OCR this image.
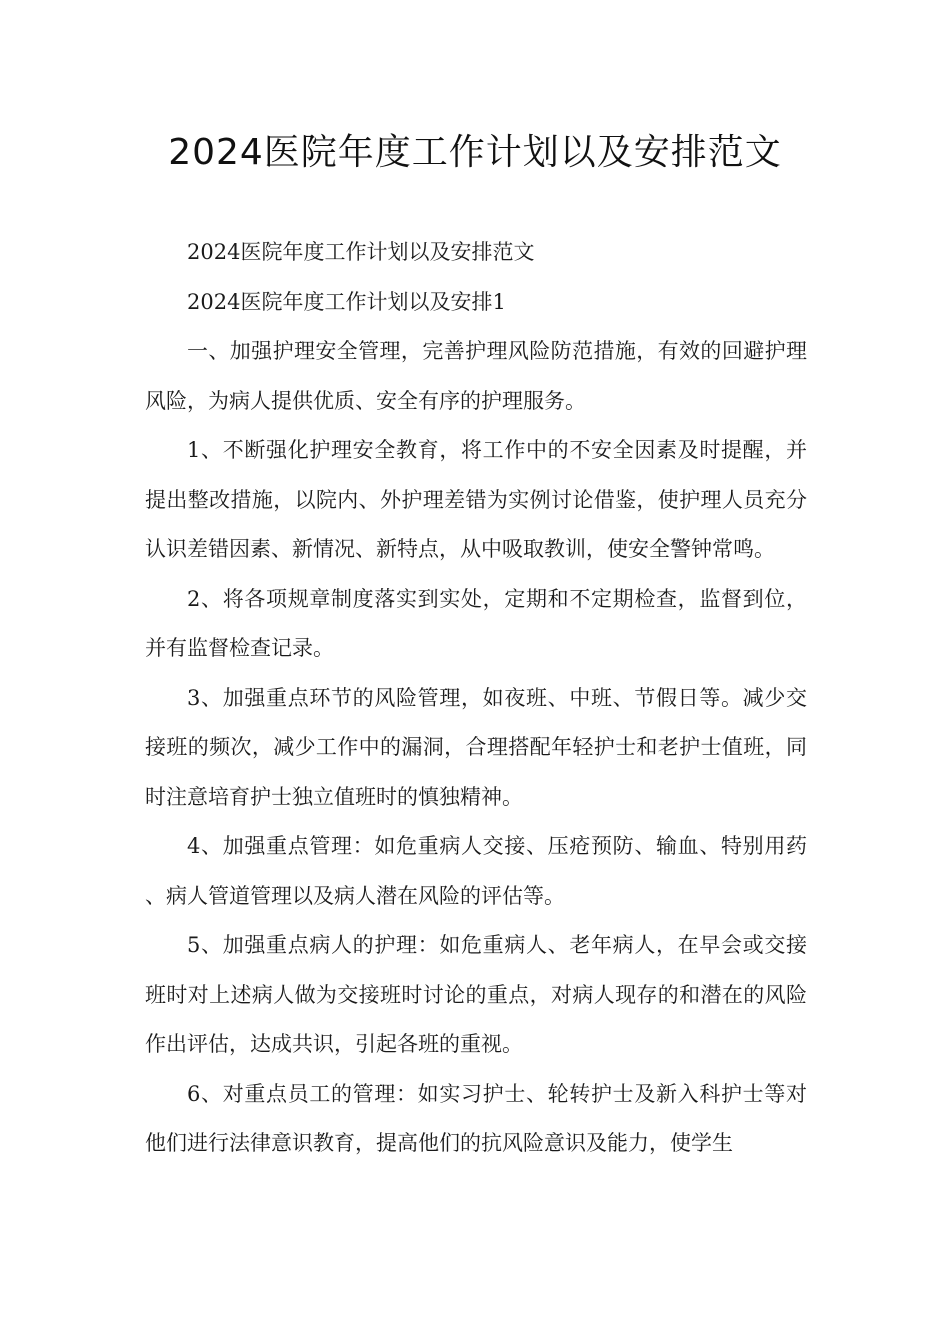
2024医院年度工作计划以及安排范文

2024医院年度工作计划以及安排范文

2024医院年度工作计划以及安排1

一、加强护理安全管理，完善护理风险防范措施，有效的回避护理风险，为病人提供优质、安全有序的护理服务。

1、不断强化护理安全教育，将工作中的不安全因素及时提醒，并提出整改措施，以院内、外护理差错为实例讨论借鉴，使护理人员充分认识差错因素、新情况、新特点，从中吸取教训，使安全警钟常鸣。

2、将各项规章制度落实到实处，定期和不定期检查，监督到位，并有监督检查记录。

3、加强重点环节的风险管理，如夜班、中班、节假日等。减少交接班的频次，减少工作中的漏洞，合理搭配年轻护士和老护士值班，同时注意培育护士独立值班时的慎独精神。

4、加强重点管理：如危重病人交接、压疮预防、输血、特别用药、病人管道管理以及病人潜在风险的评估等。

5、加强重点病人的护理：如危重病人、老年病人，在早会或交接班时对上述病人做为交接班时讨论的重点，对病人现存的和潜在的风险作出评估，达成共识，引起各班的重视。

6、对重点员工的管理：如实习护士、轮转护士及新入科护士等对他们进行法律意识教育，提高他们的抗风险意识及能力，使学生
